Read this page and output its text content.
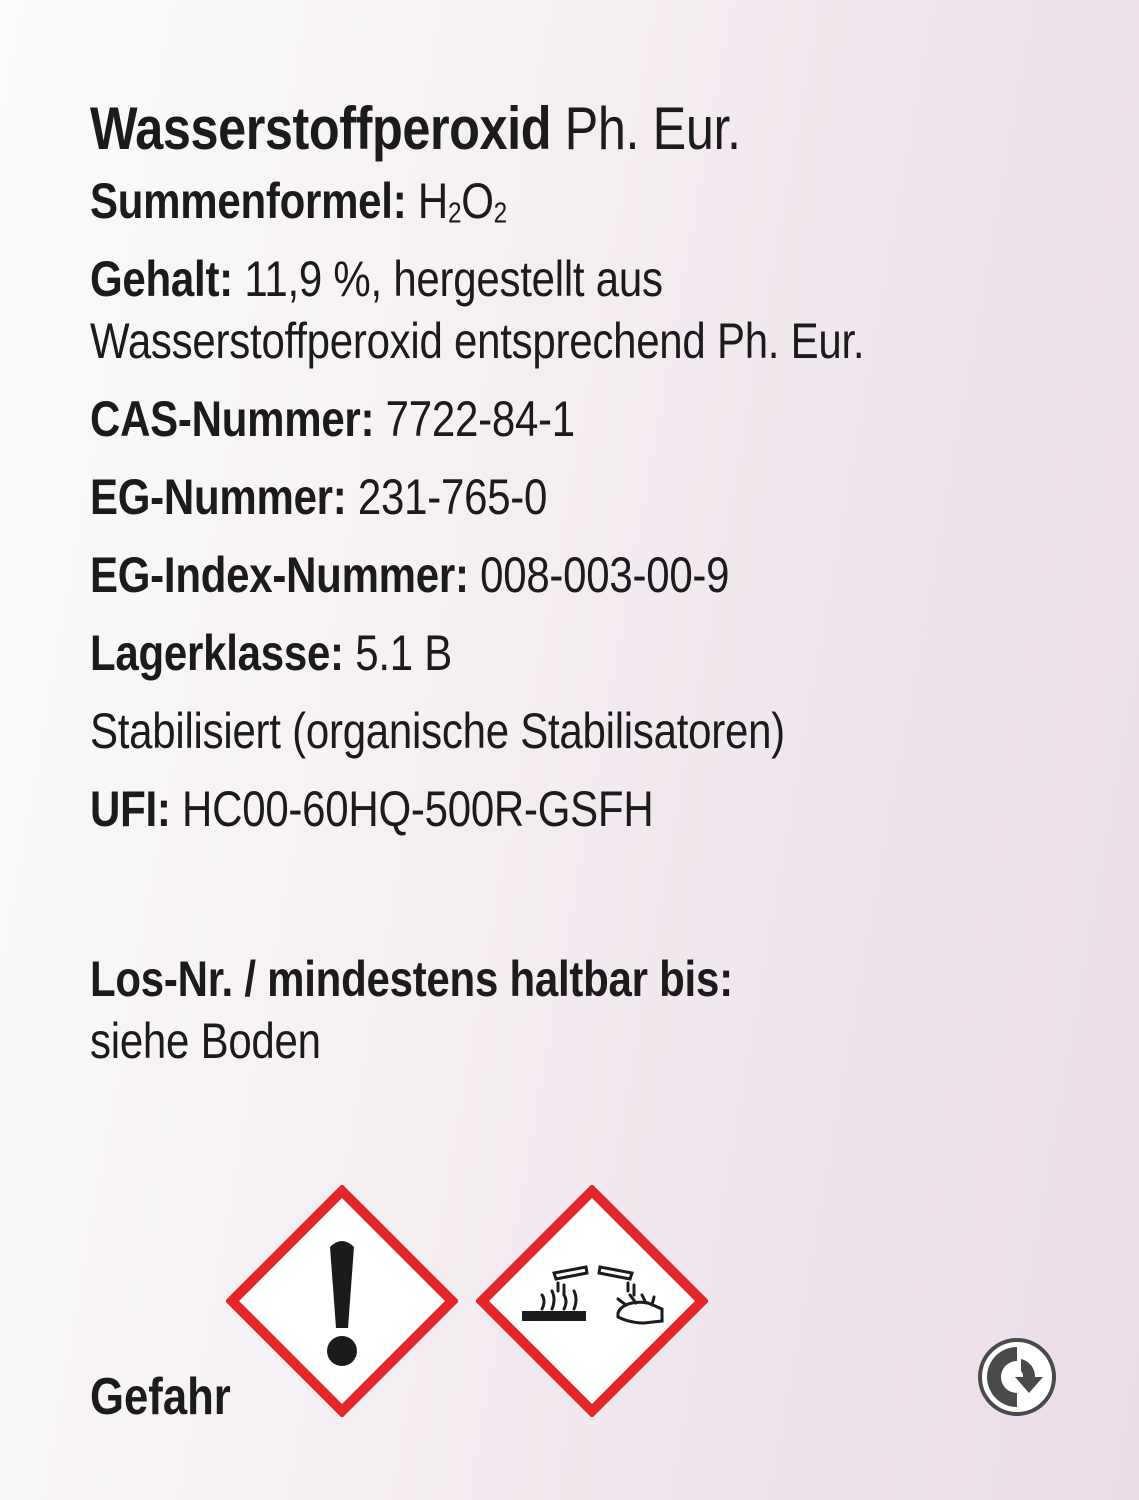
Wasserstoffperoxid Ph. Eur.
Summenformel: $H_2O_2$
Gehalt: 11,9 %, hergestellt aus
Wasserstoffperoxid entsprechend Ph. Eur.
CAS-Nummer: 7722-84-1
EG-Nummer: 231-765-0
EG-Index-Nummer: 008-003-00-9
Lagerklasse: 5.1 B
Stabilisiert (organische Stabilisatoren)
UFI: HC00-60HQ-500R-GSFH
Los-Nr. / mindestens haltbar bis:
siehe Boden
Gefahr
